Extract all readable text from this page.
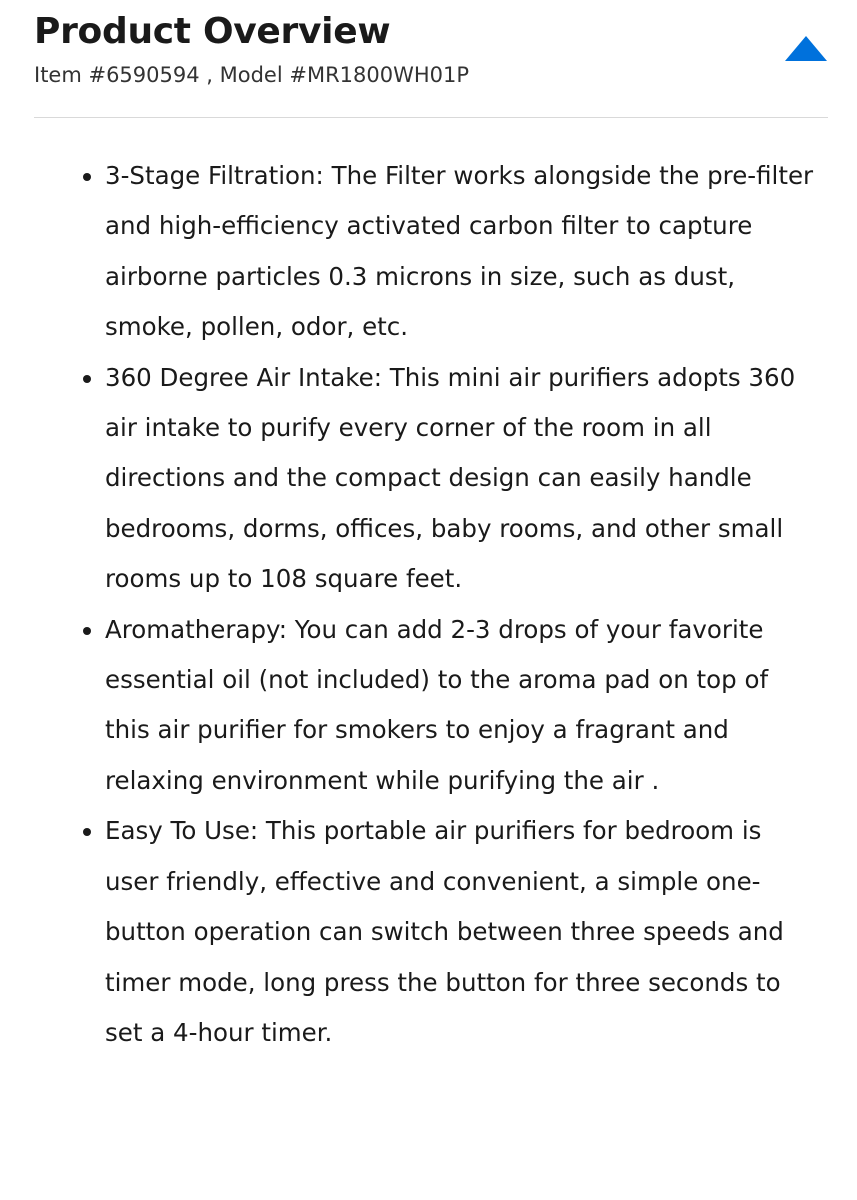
Product Overview
Item #6590594 , Model #MR1800WH01P
3-Stage Filtration: The Filter works alongside the pre-filter and high-efficiency activated carbon filter to capture airborne particles 0.3 microns in size, such as dust, smoke, pollen, odor, etc.
360 Degree Air Intake: This mini air purifiers adopts 360 air intake to purify every corner of the room in all directions and the compact design can easily handle bedrooms, dorms, offices, baby rooms, and other small rooms up to 108 square feet.
Aromatherapy: You can add 2-3 drops of your favorite essential oil (not included) to the aroma pad on top of this air purifier for smokers to enjoy a fragrant and relaxing environment while purifying the air .
Easy To Use: This portable air purifiers for bedroom is user friendly, effective and convenient, a simple one-button operation can switch between three speeds and timer mode, long press the button for three seconds to set a 4-hour timer.
